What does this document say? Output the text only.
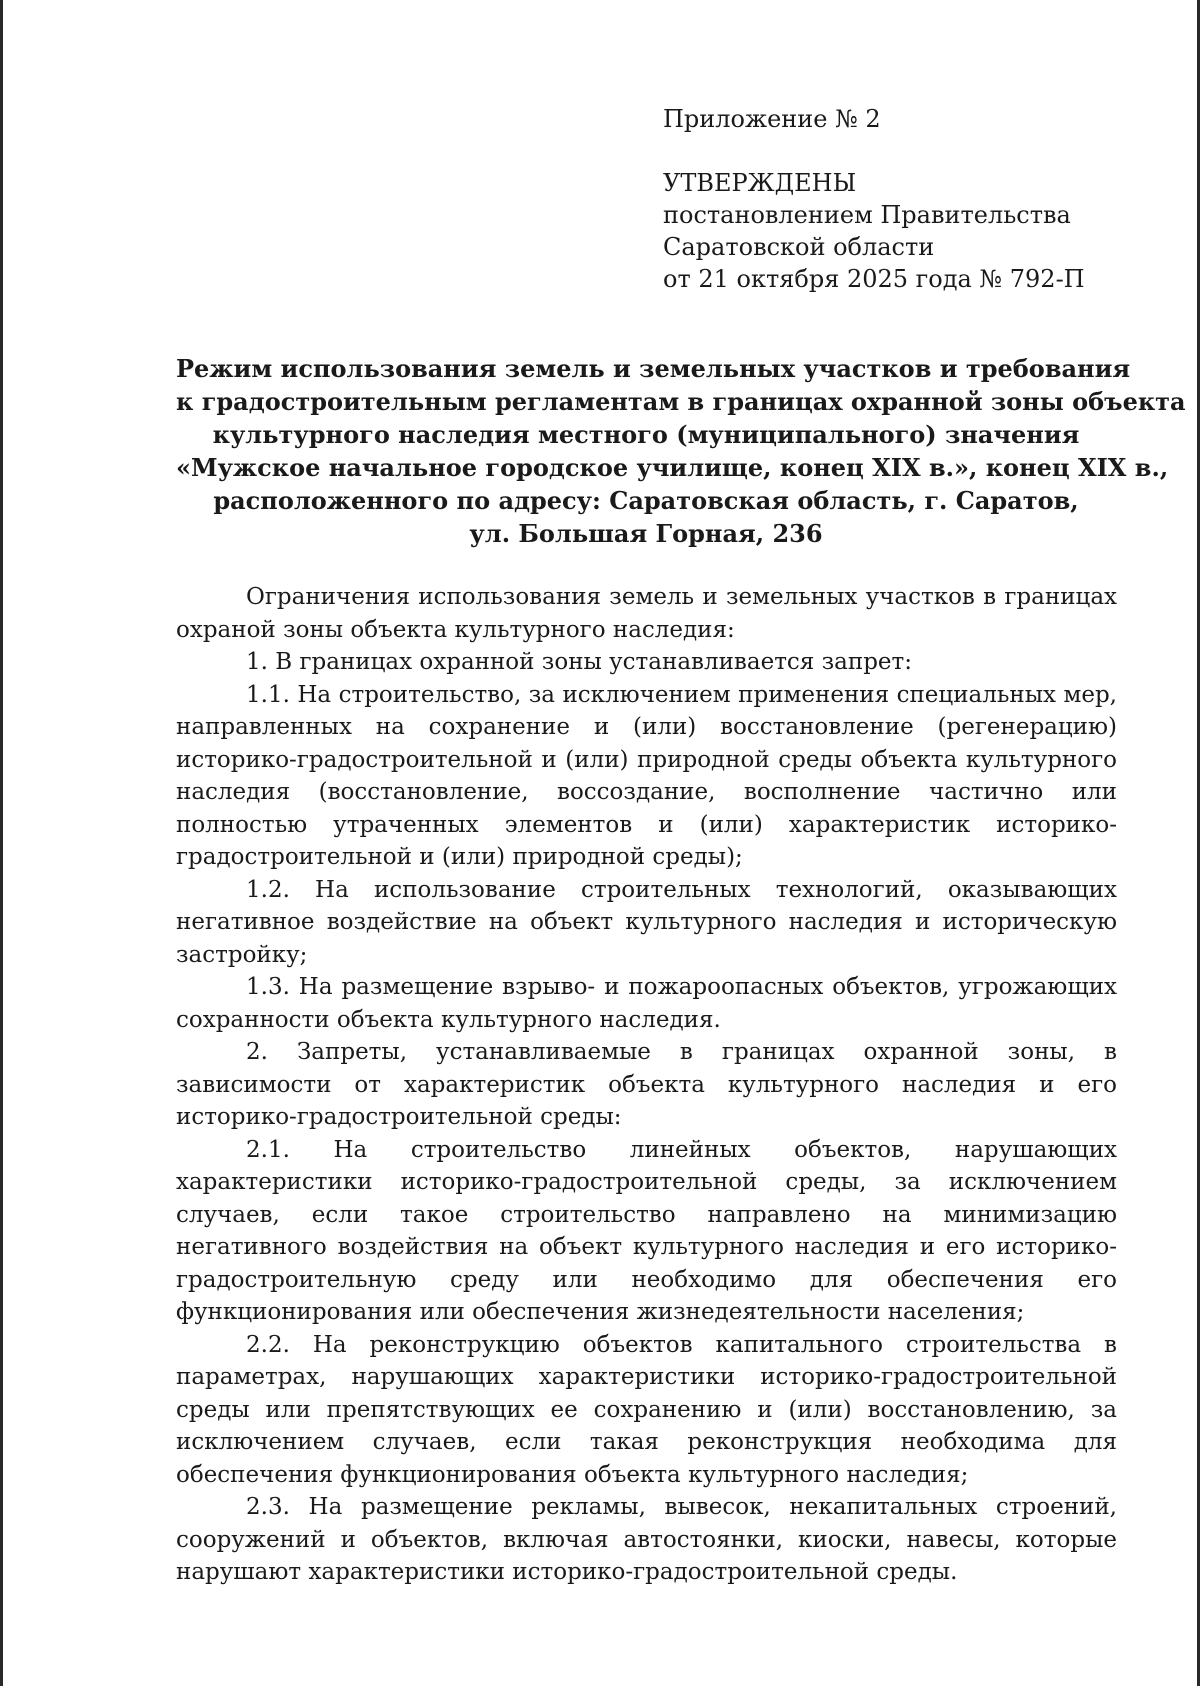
Приложение № 2
УТВЕРЖДЕНЫ
постановлением Правительства
Саратовской области
от 21 октября 2025 года № 792-П
Режим использования земель и земельных участков и требования
к градостроительным регламентам в границах охранной зоны объекта
культурного наследия местного (муниципального) значения
«Мужское начальное городское училище, конец XIX в.», конец XIX в.,
расположенного по адресу: Саратовская область, г. Саратов,
ул. Большая Горная, 236

Ограничения использования земель и земельных участков в границах охраной зоны объекта культурного наследия:

1. В границах охранной зоны устанавливается запрет:

1.1. На строительство, за исключением применения специальных мер, направленных на сохранение и (или) восстановление (регенерацию) историко-градостроительной и (или) природной среды объекта культурного наследия (восстановление, воссоздание, восполнение частично или полностью утраченных элементов и (или) характеристик историко-градостроительной и (или) природной среды);

1.2. На использование строительных технологий, оказывающих негативное воздействие на объект культурного наследия и историческую застройку;

1.3. На размещение взрыво- и пожароопасных объектов, угрожающих сохранности объекта культурного наследия.

2. Запреты, устанавливаемые в границах охранной зоны, в зависимости от характеристик объекта культурного наследия и его историко-градостроительной среды:

2.1. На строительство линейных объектов, нарушающих характеристики историко-градостроительной среды, за исключением случаев, если такое строительство направлено на минимизацию негативного воздействия на объект культурного наследия и его историко-градостроительную среду или необходимо для обеспечения его функционирования или обеспечения жизнедеятельности населения;

2.2. На реконструкцию объектов капитального строительства в параметрах, нарушающих характеристики историко-градостроительной среды или препятствующих ее сохранению и (или) восстановлению, за исключением случаев, если такая реконструкция необходима для обеспечения функционирования объекта культурного наследия;

2.3. На размещение рекламы, вывесок, некапитальных строений, сооружений и объектов, включая автостоянки, киоски, навесы, которые нарушают характеристики историко-градостроительной среды.
